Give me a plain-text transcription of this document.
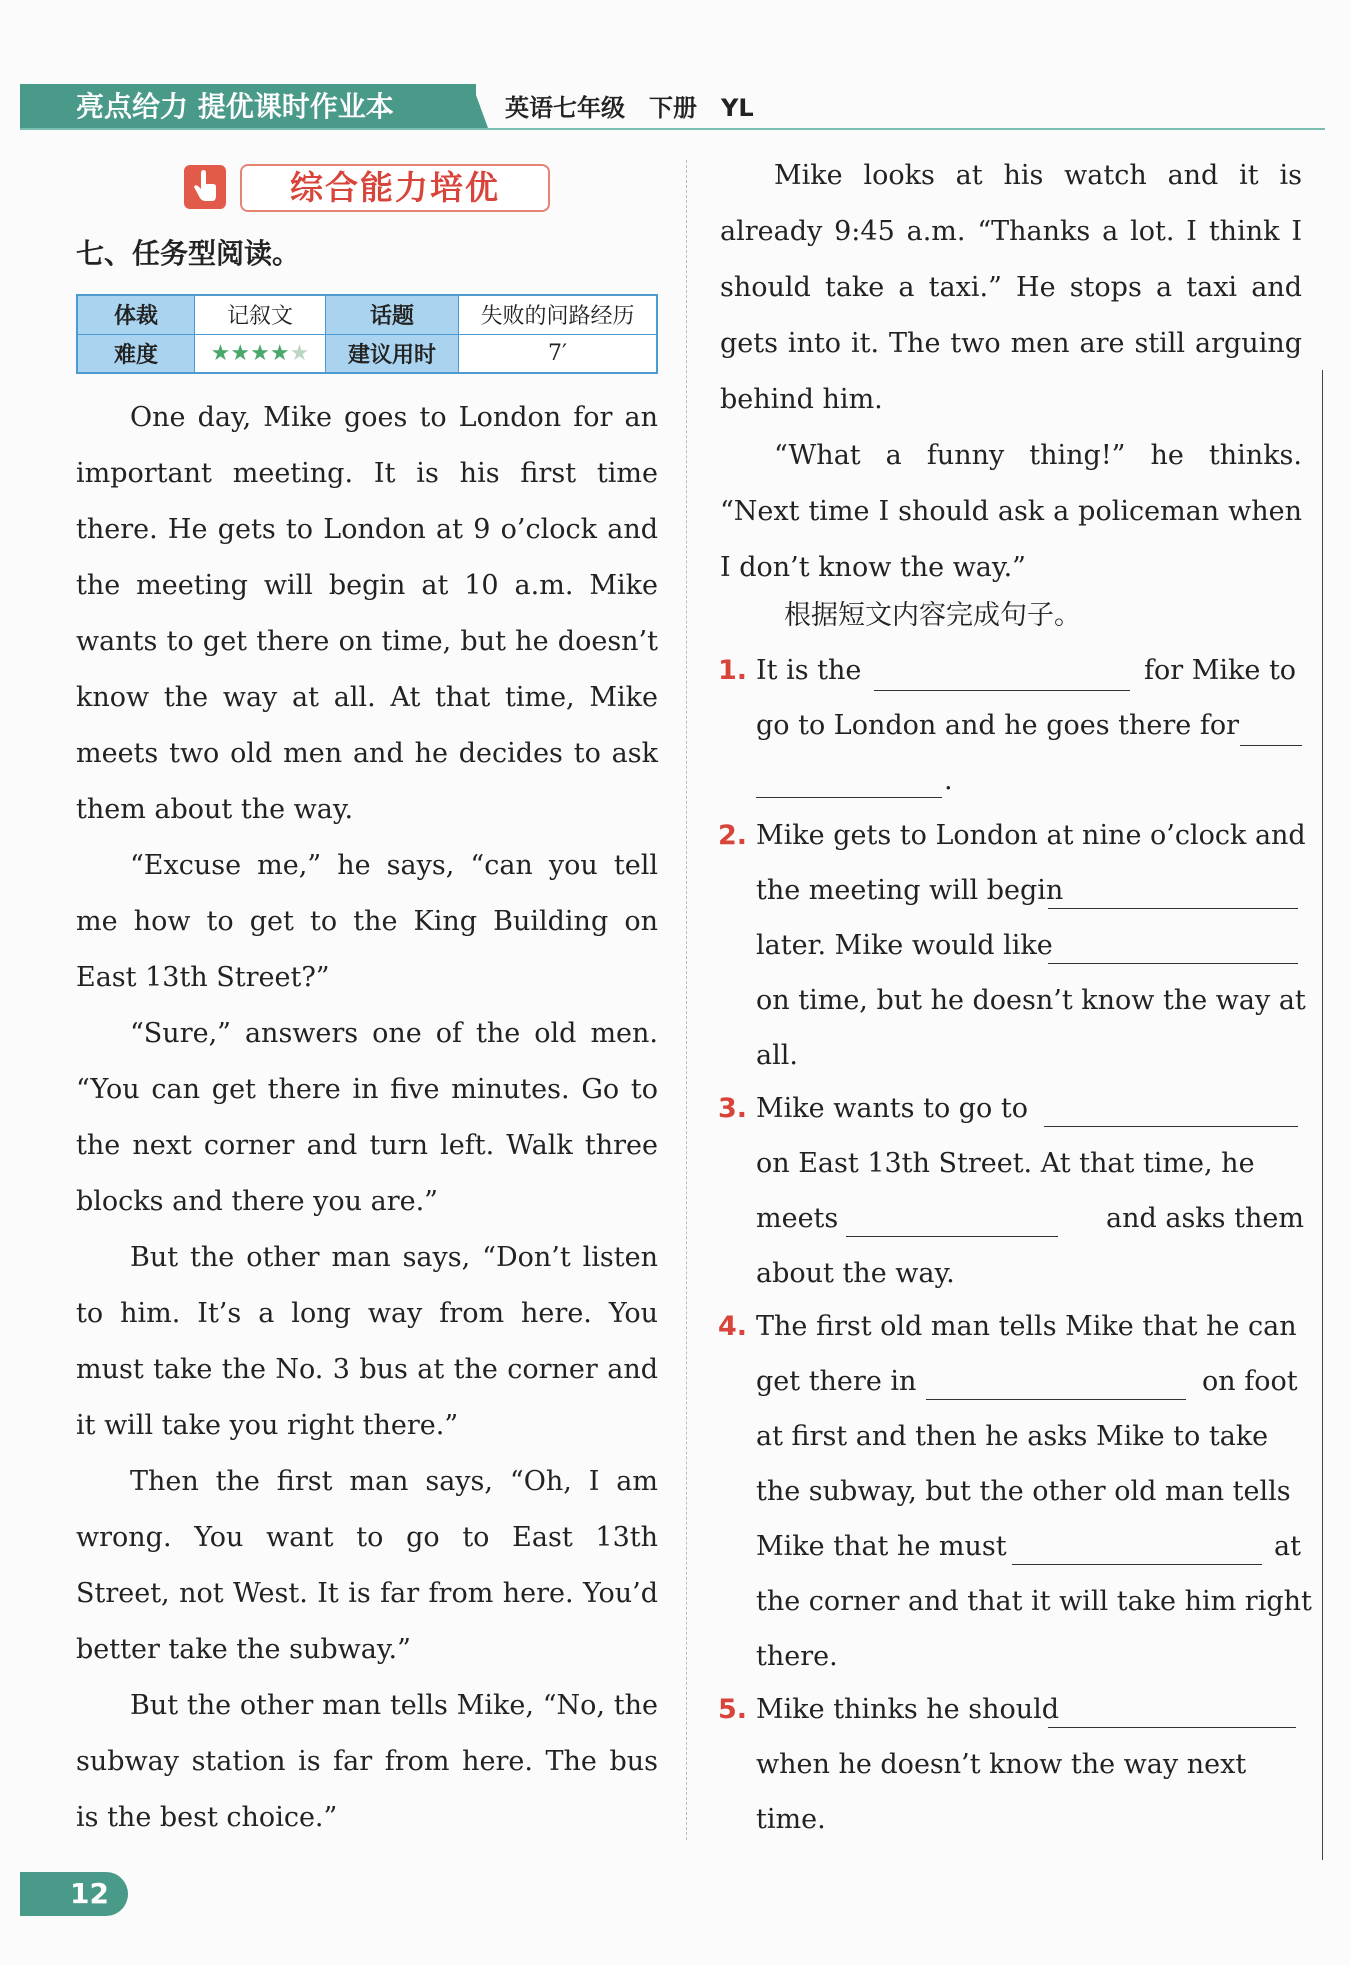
亮点给力 提优课时作业本	英语七年级　下册　YL
综合能力培优
七、任务型阅读。
体裁	记叙文	话题	失败的问路经历
难度	★★★★★	建议用时	7′

One day, Mike goes to London for an important meeting. It is his first time there. He gets to London at 9 o’clock and the meeting will begin at 10 a.m. Mike wants to get there on time, but he doesn’t know the way at all. At that time, Mike meets two old men and he decides to ask them about the way.

“Excuse me,” he says, “can you tell me how to get to the King Building on East 13th Street?”

“Sure,” answers one of the old men. “You can get there in five minutes. Go to the next corner and turn left. Walk three blocks and there you are.”

But the other man says, “Don’t listen to him. It’s a long way from here. You must take the No. 3 bus at the corner and it will take you right there.”

Then the first man says, “Oh, I am wrong. You want to go to East 13th Street, not West. It is far from here. You’d better take the subway.”

But the other man tells Mike, “No, the subway station is far from here. The bus is the best choice.”

Mike looks at his watch and it is already 9:45 a.m. “Thanks a lot. I think I should take a taxi.” He stops a taxi and gets into it. The two men are still arguing behind him.

“What a funny thing!” he thinks. “Next time I should ask a policeman when I don’t know the way.”

根据短文内容完成句子。
1. It is the	for Mike to
go to London and he goes there for
.
2. Mike gets to London at nine o’clock and
the meeting will begin
later. Mike would like
on time, but he doesn’t know the way at
all.
3. Mike wants to go to
on East 13th Street. At that time, he
meets	and asks them
about the way.
4. The first old man tells Mike that he can
get there in	on foot
at first and then he asks Mike to take
the subway, but the other old man tells
Mike that he must	at
the corner and that it will take him right
there.
5. Mike thinks he should
when he doesn’t know the way next
time.
12
